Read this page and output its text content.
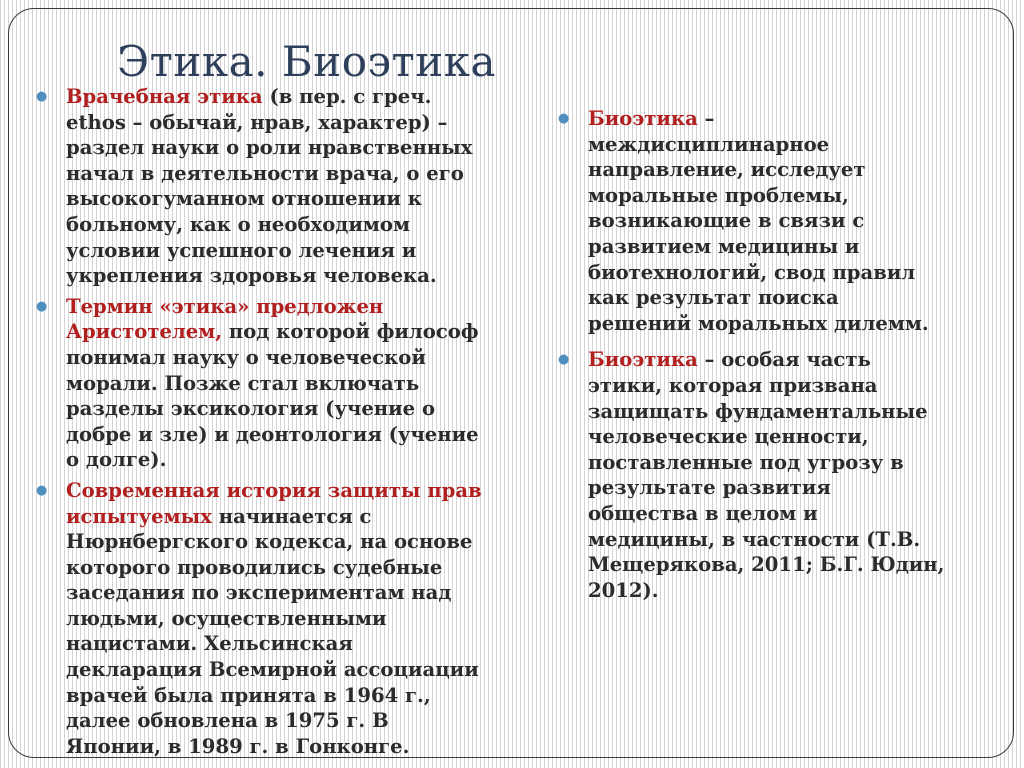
Этика. Биоэтика
● Врачебная этика (в пер. с греч.
ethos – обычай, нрав, характер) –
раздел науки о роли нравственных
начал в деятельности врача, о его
высокогуманном отношении к
больному, как о необходимом
условии успешного лечения и
укрепления здоровья человека.
● Термин «этика» предложен
Аристотелем, под которой философ
понимал науку о человеческой
морали. Позже стал включать
разделы эксикология (учение о
добре и зле) и деонтология (учение
о долге).
● Современная история защиты прав
испытуемых начинается с
Нюрнбергского кодекса, на основе
которого проводились судебные
заседания по экспериментам над
людьми, осуществленными
нацистами. Хельсинская
декларация Всемирной ассоциации
врачей была принята в 1964 г.,
далее обновлена в 1975 г. В
Японии, в 1989 г. в Гонконге.
● Биоэтика –
междисциплинарное
направление, исследует
моральные проблемы,
возникающие в связи с
развитием медицины и
биотехнологий, свод правил
как результат поиска
решений моральных дилемм.
● Биоэтика – особая часть
этики, которая призвана
защищать фундаментальные
человеческие ценности,
поставленные под угрозу в
результате развития
общества в целом и
медицины, в частности (Т.В.
Мещерякова, 2011; Б.Г. Юдин,
2012).
